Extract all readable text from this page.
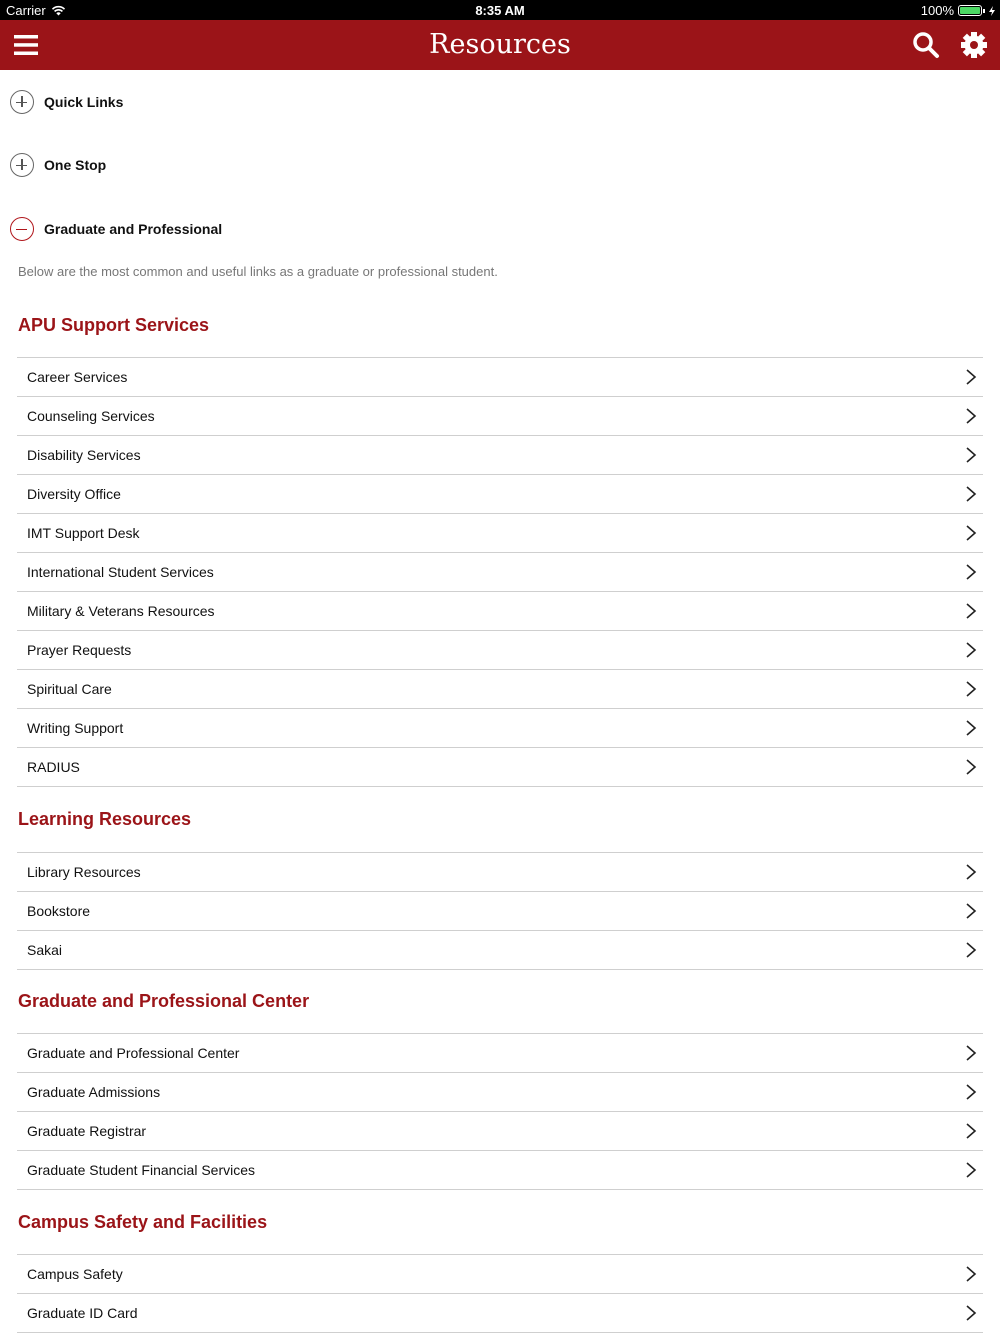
Carrier	8:35 AM	100%
Resources
Quick Links
One Stop
Graduate and Professional
Below are the most common and useful links as a graduate or professional student.
APU Support Services
Career Services
Counseling Services
Disability Services
Diversity Office
IMT Support Desk
International Student Services
Military & Veterans Resources
Prayer Requests
Spiritual Care
Writing Support
RADIUS
Learning Resources
Library Resources
Bookstore
Sakai
Graduate and Professional Center
Graduate and Professional Center
Graduate Admissions
Graduate Registrar
Graduate Student Financial Services
Campus Safety and Facilities
Campus Safety
Graduate ID Card
